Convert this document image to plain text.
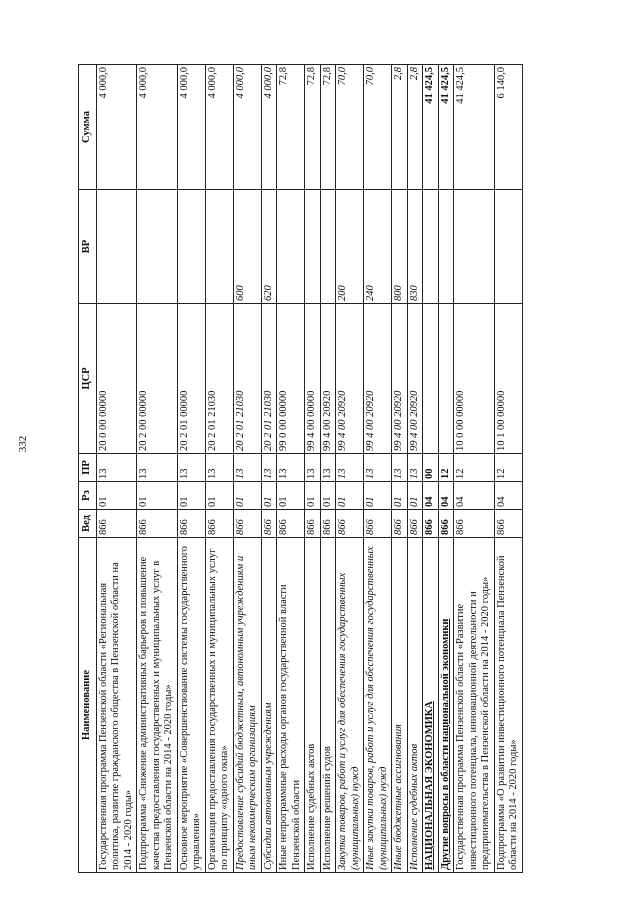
332
Наименование	Вед	Рз	ПР	ЦСР	ВР	Сумма
Государственная программа Пензенской области «Региональная политика, развитие гражданского общества в Пензенской области на 2014 - 2020 годы»	866	01	13	20 0 00 00000		4 000,0
Подпрограмма «Снижение административных барьеров и повышение качества предоставления государственных и муниципальных услуг в Пензенской области на 2014 - 2020 годы»	866	01	13	20 2 00 00000		4 000,0
Основное мероприятие «Совершенствование системы государственного управления»	866	01	13	20 2 01 00000		4 000,0
Организация предоставления государственных и муниципальных услуг по принципу «одного окна»	866	01	13	20 2 01 21030		4 000,0
Предоставление субсидий бюджетным, автономным учреждениям и иным некоммерческим организациям	866	01	13	20 2 01 21030	600	4 000,0
Субсидии автономным учреждениям	866	01	13	20 2 01 21030	620	4 000,0
Иные непрограммные расходы органов государственной власти Пензенской области	866	01	13	99 0 00 00000		72,8
Исполнение судебных актов	866	01	13	99 4 00 00000		72,8
Исполнение решений судов	866	01	13	99 4 00 20920		72,8
Закупка товаров, работ и услуг для обеспечения государственных (муниципальных) нужд	866	01	13	99 4 00 20920	200	70,0
Иные закупки товаров, работ и услуг для обеспечения государственных (муниципальных) нужд	866	01	13	99 4 00 20920	240	70,0
Иные бюджетные ассигнования	866	01	13	99 4 00 20920	800	2,8
Исполнение судебных актов	866	01	13	99 4 00 20920	830	2,8
НАЦИОНАЛЬНАЯ ЭКОНОМИКА	866	04	00			41 424,5
Другие вопросы в области национальной экономики	866	04	12			41 424,5
Государственная программа Пензенской области «Развитие инвестиционного потенциала, инновационной деятельности и предпринимательства в Пензенской области на 2014 - 2020 годы»	866	04	12	10 0 00 00000		41 424,5
Подпрограмма «О развитии инвестиционного потенциала Пензенской области на 2014 - 2020 годы»	866	04	12	10 1 00 00000		6 140,0
